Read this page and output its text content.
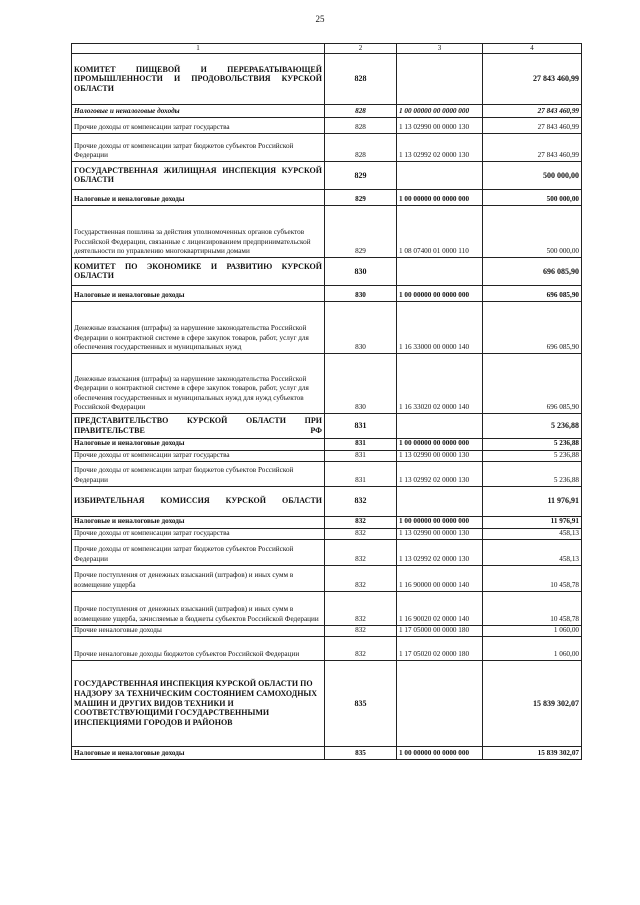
25
1	2	3	4
КОМИТЕТ ПИЩЕВОЙ И ПЕРЕРАБАТЫВАЮЩЕЙ ПРОМЫШЛЕННОСТИ И ПРОДОВОЛЬСТВИЯ КУРСКОЙ ОБЛАСТИ	828		27 843 460,99
Налоговые и неналоговые доходы	828	1 00 00000 00 0000 000	27 843 460,99
Прочие доходы от компенсации затрат государства	828	1 13 02990 00 0000 130	27 843 460,99
Прочие доходы от компенсации затрат бюджетов субъектов Российской Федерации	828	1 13 02992 02 0000 130	27 843 460,99
ГОСУДАРСТВЕННАЯ ЖИЛИЩНАЯ ИНСПЕКЦИЯ КУРСКОЙ ОБЛАСТИ	829		500 000,00
Налоговые и неналоговые доходы	829	1 00 00000 00 0000 000	500 000,00
Государственная пошлина за действия уполномоченных органов субъектов Российской Федерации, связанные с лицензированием предпринимательской деятельности по управлению многоквартирными домами	829	1 08 07400 01 0000 110	500 000,00
КОМИТЕТ ПО ЭКОНОМИКЕ И РАЗВИТИЮ КУРСКОЙ ОБЛАСТИ	830		696 085,90
Налоговые и неналоговые доходы	830	1 00 00000 00 0000 000	696 085,90
Денежные взыскания (штрафы) за нарушение законодательства Российской Федерации о контрактной системе в сфере закупок товаров, работ, услуг для обеспечения государственных и муниципальных нужд	830	1 16 33000 00 0000 140	696 085,90
Денежные взыскания (штрафы) за нарушение законодательства Российской Федерации о контрактной системе в сфере закупок товаров, работ, услуг для обеспечения государственных и муниципальных нужд для нужд субъектов Российской Федерации	830	1 16 33020 02 0000 140	696 085,90
ПРЕДСТАВИТЕЛЬСТВО КУРСКОЙ ОБЛАСТИ ПРИ ПРАВИТЕЛЬСТВЕ РФ	831		5 236,88
Налоговые и неналоговые доходы	831	1 00 00000 00 0000 000	5 236,88
Прочие доходы от компенсации затрат государства	831	1 13 02990 00 0000 130	5 236,88
Прочие доходы от компенсации затрат бюджетов субъектов Российской Федерации	831	1 13 02992 02 0000 130	5 236,88
ИЗБИРАТЕЛЬНАЯ КОМИССИЯ КУРСКОЙ ОБЛАСТИ	832		11 976,91
Налоговые и неналоговые доходы	832	1 00 00000 00 0000 000	11 976,91
Прочие доходы от компенсации затрат государства	832	1 13 02990 00 0000 130	458,13
Прочие доходы от компенсации затрат бюджетов субъектов Российской Федерации	832	1 13 02992 02 0000 130	458,13
Прочие поступления от денежных взысканий (штрафов) и иных сумм в возмещение ущерба	832	1 16 90000 00 0000 140	10 458,78
Прочие поступления от денежных взысканий (штрафов) и иных сумм в возмещение ущерба, зачисляемые в бюджеты субъектов Российской Федерации	832	1 16 90020 02 0000 140	10 458,78
Прочие неналоговые доходы	832	1 17 05000 00 0000 180	1 060,00
Прочие неналоговые доходы бюджетов субъектов Российской Федерации	832	1 17 05020 02 0000 180	1 060,00
ГОСУДАРСТВЕННАЯ ИНСПЕКЦИЯ КУРСКОЙ ОБЛАСТИ ПО НАДЗОРУ ЗА ТЕХНИЧЕСКИМ СОСТОЯНИЕМ САМОХОДНЫХ МАШИН И ДРУГИХ ВИДОВ ТЕХНИКИ И СООТВЕТСТВУЮЩИМИ ГОСУДАРСТВЕННЫМИ ИНСПЕКЦИЯМИ ГОРОДОВ И РАЙОНОВ	835		15 839 302,07
Налоговые и неналоговые доходы	835	1 00 00000 00 0000 000	15 839 302,07
